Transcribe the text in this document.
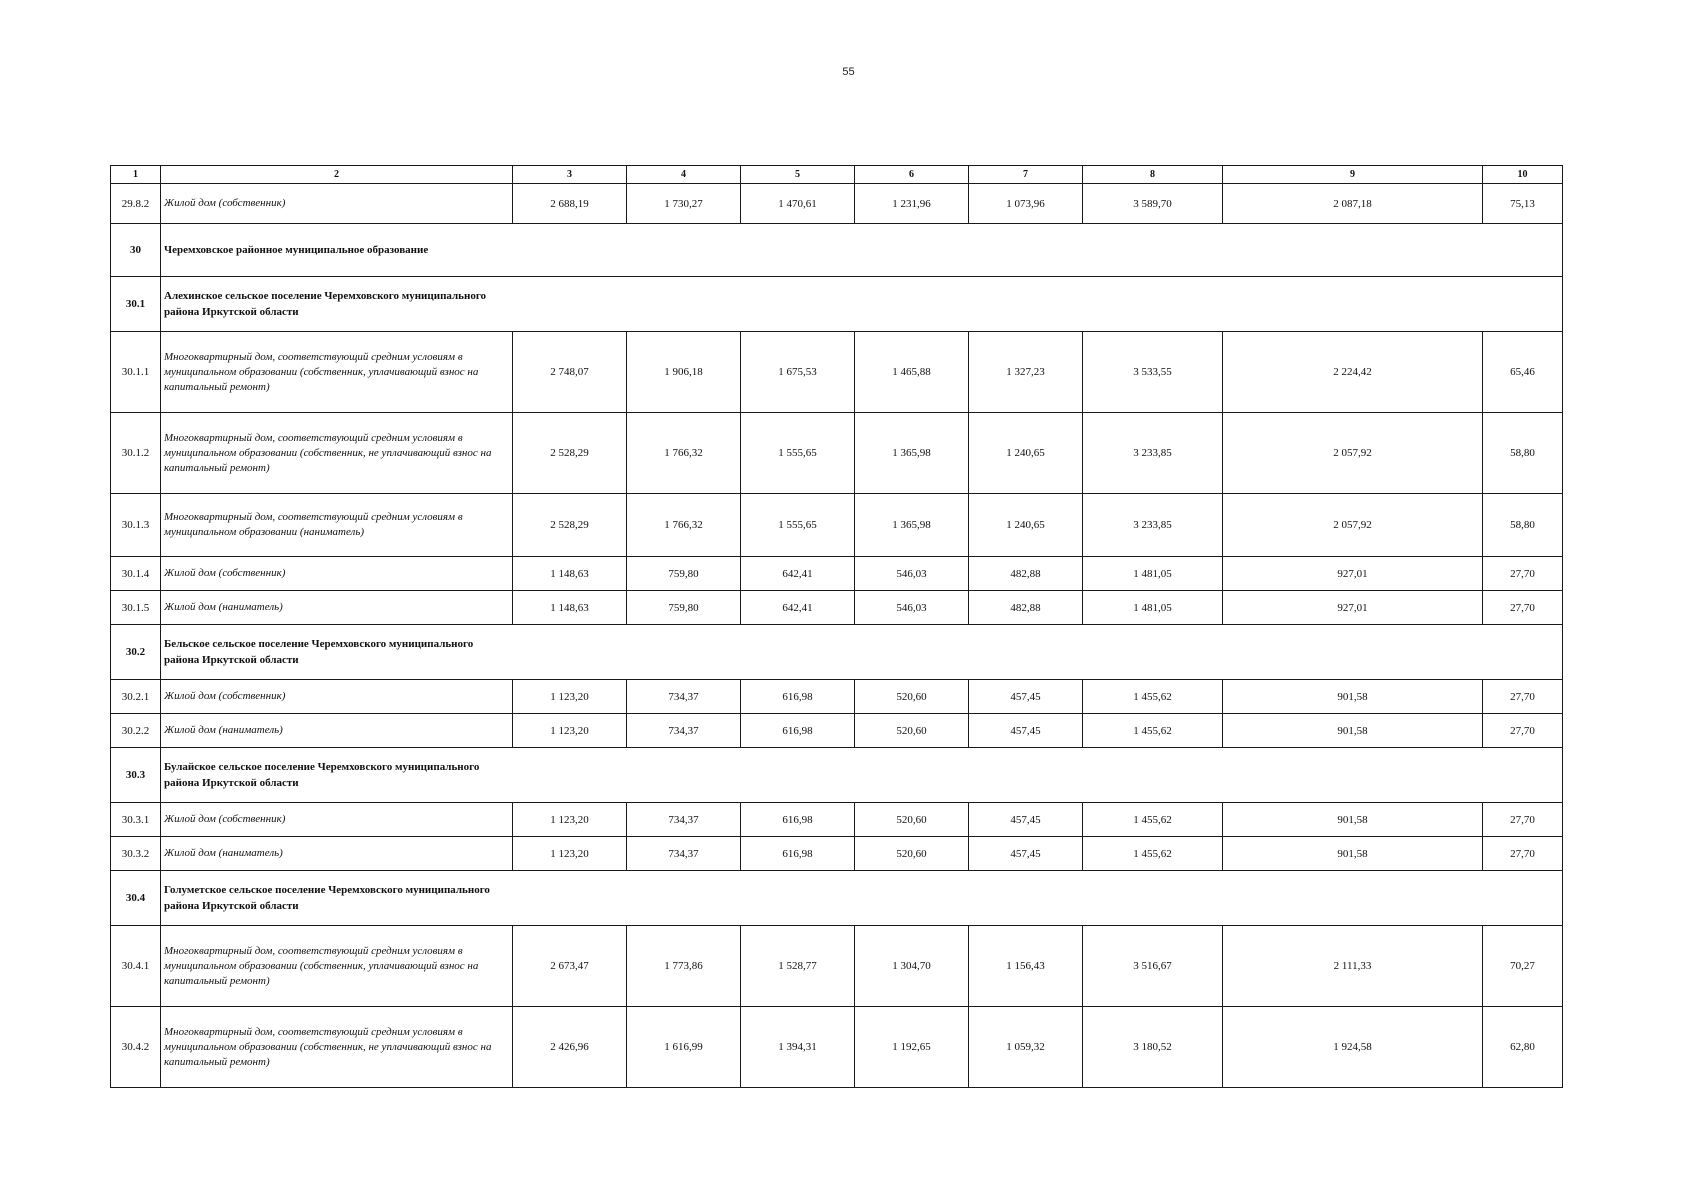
55
1	2	3	4	5	6	7	8	9	10
29.8.2	Жилой дом (собственник)	2 688,19	1 730,27	1 470,61	1 231,96	1 073,96	3 589,70	2 087,18	75,13
30	Черемховское районное муниципальное образование								
30.1	Алехинское сельское поселение Черемховского муниципального района Иркутской области								
30.1.1	Многоквартирный дом, соответствующий средним условиям в муниципальном образовании (собственник, уплачивающий взнос на капитальный ремонт)	2 748,07	1 906,18	1 675,53	1 465,88	1 327,23	3 533,55	2 224,42	65,46
30.1.2	Многоквартирный дом, соответствующий средним условиям в муниципальном образовании (собственник, не уплачивающий взнос на капитальный ремонт)	2 528,29	1 766,32	1 555,65	1 365,98	1 240,65	3 233,85	2 057,92	58,80
30.1.3	Многоквартирный дом, соответствующий средним условиям в муниципальном образовании (наниматель)	2 528,29	1 766,32	1 555,65	1 365,98	1 240,65	3 233,85	2 057,92	58,80
30.1.4	Жилой дом (собственник)	1 148,63	759,80	642,41	546,03	482,88	1 481,05	927,01	27,70
30.1.5	Жилой дом (наниматель)	1 148,63	759,80	642,41	546,03	482,88	1 481,05	927,01	27,70
30.2	Бельское сельское поселение Черемховского муниципального района Иркутской области								
30.2.1	Жилой дом (собственник)	1 123,20	734,37	616,98	520,60	457,45	1 455,62	901,58	27,70
30.2.2	Жилой дом (наниматель)	1 123,20	734,37	616,98	520,60	457,45	1 455,62	901,58	27,70
30.3	Булайское сельское поселение Черемховского муниципального района Иркутской области								
30.3.1	Жилой дом (собственник)	1 123,20	734,37	616,98	520,60	457,45	1 455,62	901,58	27,70
30.3.2	Жилой дом (наниматель)	1 123,20	734,37	616,98	520,60	457,45	1 455,62	901,58	27,70
30.4	Голуметское сельское поселение Черемховского муниципального района Иркутской области								
30.4.1	Многоквартирный дом, соответствующий средним условиям в муниципальном образовании (собственник, уплачивающий взнос на капитальный ремонт)	2 673,47	1 773,86	1 528,77	1 304,70	1 156,43	3 516,67	2 111,33	70,27
30.4.2	Многоквартирный дом, соответствующий средним условиям в муниципальном образовании (собственник, не уплачивающий взнос на капитальный ремонт)	2 426,96	1 616,99	1 394,31	1 192,65	1 059,32	3 180,52	1 924,58	62,80
